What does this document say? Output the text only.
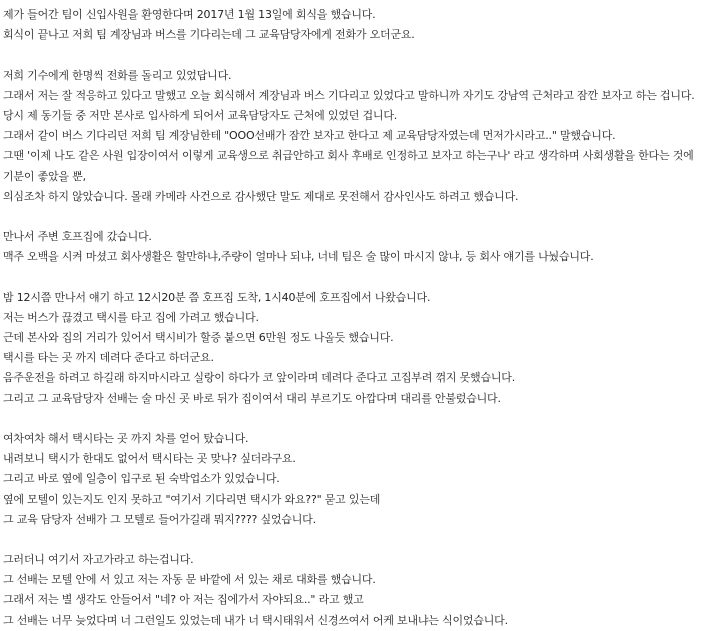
제가 들어간 팀이 신입사원을 환영한다며 2017년 1월 13일에 회식을 했습니다.
회식이 끝나고 저희 팀 계장님과 버스를 기다리는데 그 교육담당자에게 전화가 오더군요.
저희 기수에게 한명씩 전화를 돌리고 있었답니다.
그래서 저는 잘 적응하고 있다고 말했고 오늘 회식해서 계장님과 버스 기다리고 있었다고 말하니까 자기도 강남역 근처라고 잠깐 보자고 하는 겁니다.
당시 제 동기들 중 저만 본사로 입사하게 되어서 교육담당자도 근처에 있었던 겁니다.
그래서 같이 버스 기다리던 저희 팀 계장님한테 "OOO선배가 잠깐 보자고 한다고 제 교육담당자였는데 먼저가시라고.." 말했습니다.
그땐 '이제 나도 같은 사원 입장이여서 이렇게 교육생으로 취급안하고 회사 후배로 인정하고 보자고 하는구나' 라고 생각하며 사회생활을 한다는 것에
기분이 좋았을 뿐,
의심조차 하지 않았습니다. 몰래 카메라 사건으로 감사했단 말도 제대로 못전해서 감사인사도 하려고 했습니다.
만나서 주변 호프집에 갔습니다.
맥주 오백을 시켜 마셨고 회사생활은 할만하냐,주량이 얼마나 되냐, 너네 팀은 술 많이 마시지 않냐, 등 회사 얘기를 나눴습니다.
밤 12시쯤 만나서 얘기 하고 12시20분 쯤 호프집 도착, 1시40분에 호프집에서 나왔습니다.
저는 버스가 끊겼고 택시를 타고 집에 가려고 했습니다.
근데 본사와 집의 거리가 있어서 택시비가 할증 붙으면 6만원 정도 나올듯 했습니다.
택시를 타는 곳 까지 데려다 준다고 하더군요.
음주운전을 하려고 하길래 하지마시라고 실랑이 하다가 코 앞이라며 데려다 준다고 고집부려 꺾지 못했습니다.
그리고 그 교육담당자 선배는 술 마신 곳 바로 뒤가 집이여서 대리 부르기도 아깝다며 대리를 안불렀습니다.
여차여차 해서 택시타는 곳 까지 차를 얻어 탔습니다.
내려보니 택시가 한대도 없어서 택시타는 곳 맞나? 싶더라구요.
그리고 바로 옆에 일층이 입구로 된 숙박업소가 있었습니다.
옆에 모텔이 있는지도 인지 못하고 "여기서 기다리면 택시가 와요??" 묻고 있는데
그 교육 담당자 선배가 그 모텔로 들어가길래 뭐지???? 싶었습니다.
그러더니 여기서 자고가라고 하는겁니다.
그 선배는 모텔 안에 서 있고 저는 자동 문 바깥에 서 있는 채로 대화를 했습니다.
그래서 저는 별 생각도 안들어서 "네? 아 저는 집에가서 자야되요.." 라고 했고
그 선배는 너무 늦었다며 너 그런일도 있었는데 내가 너 택시태워서 신경쓰여서 어케 보내냐는 식이었습니다.
